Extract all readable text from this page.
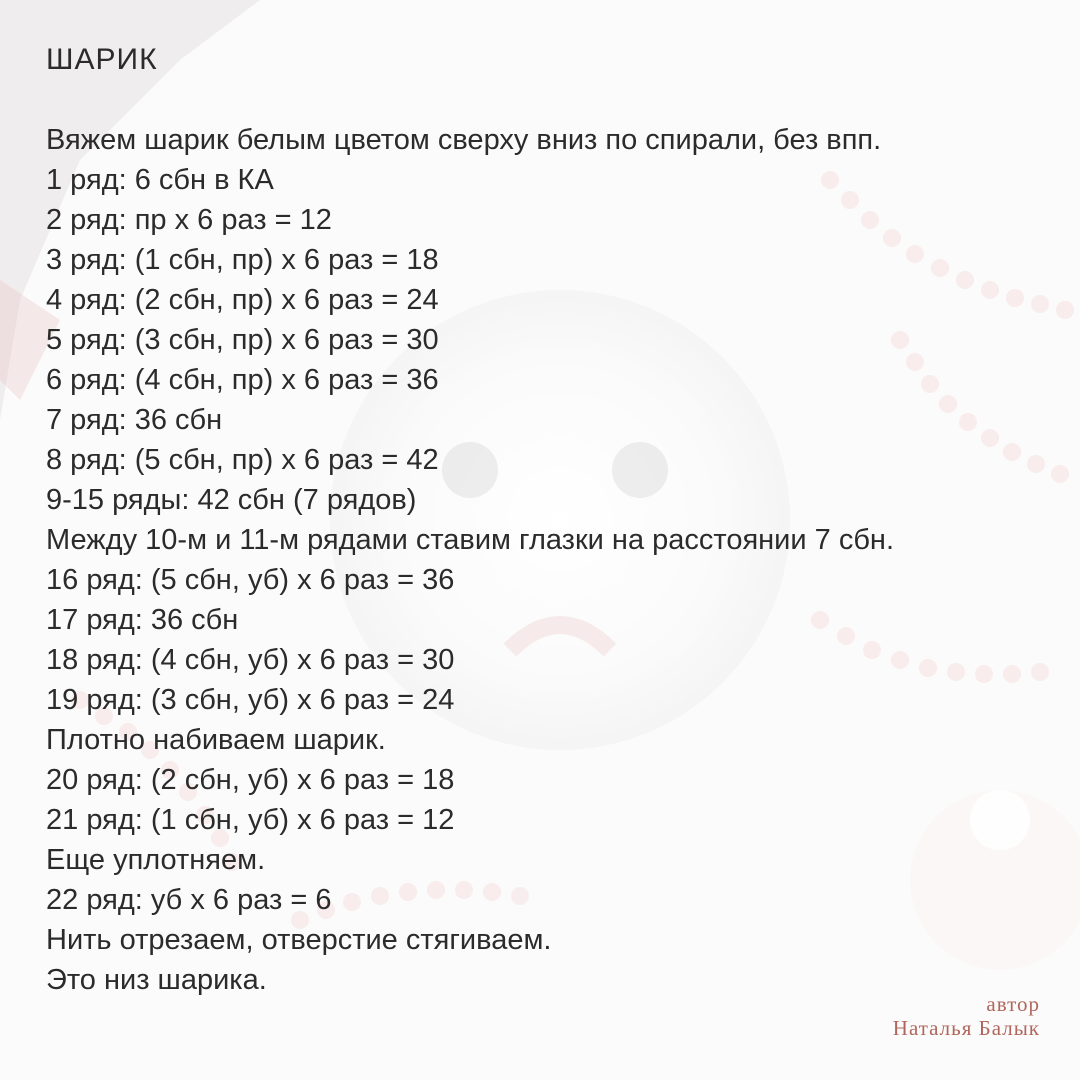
ШАРИК
Вяжем шарик белым цветом сверху вниз по спирали, без впп.
1 ряд: 6 сбн в КА
2 ряд: пр х 6 раз = 12
3 ряд: (1 сбн, пр) х 6 раз = 18
4 ряд: (2 сбн, пр) х 6 раз = 24
5 ряд: (3 сбн, пр) х 6 раз = 30
6 ряд: (4 сбн, пр) х 6 раз = 36
7 ряд: 36 сбн
8 ряд: (5 сбн, пр) х 6 раз = 42
9-15 ряды: 42 сбн (7 рядов)
Между 10-м и 11-м рядами ставим глазки на расстоянии 7 сбн.
16 ряд: (5 сбн, уб) х 6 раз = 36
17 ряд: 36 сбн
18 ряд: (4 сбн, уб) х 6 раз = 30
19 ряд: (3 сбн, уб) х 6 раз = 24
Плотно набиваем шарик.
20 ряд: (2 сбн, уб) х 6 раз = 18
21 ряд: (1 сбн, уб) х 6 раз = 12
Еще уплотняем.
22 ряд: уб х 6 раз = 6
Нить отрезаем, отверстие стягиваем.
Это низ шарика.
автор
Наталья Балык
